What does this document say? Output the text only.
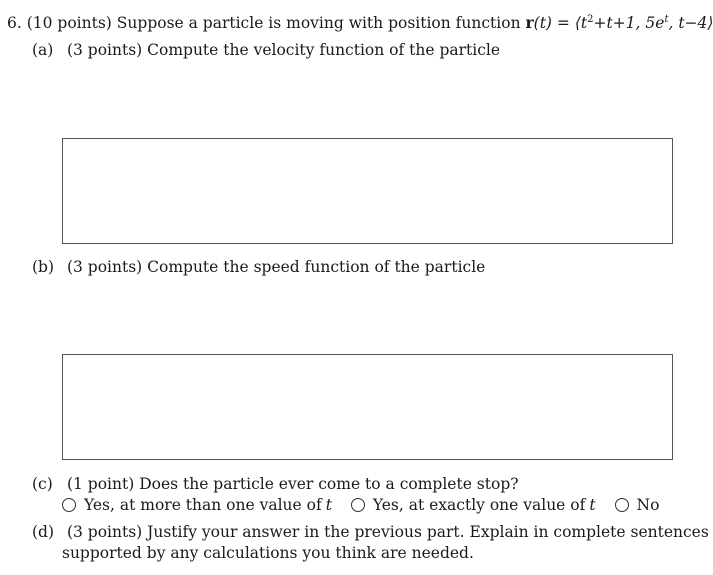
6. (10 points) Suppose a particle is moving with position function $r(t) = ⟨t^2+t+1$, $5e^t$, t−4⟩
(a) (3 points) Compute the velocity function of the particle
(b) (3 points) Compute the speed function of the particle
(c) (1 point) Does the particle ever come to a complete stop?
Yes, at more than one value of t
	Yes, at exactly one value of t
	No
(d) (3 points) Justify your answer in the previous part. Explain in complete sentences
supported by any calculations you think are needed.
